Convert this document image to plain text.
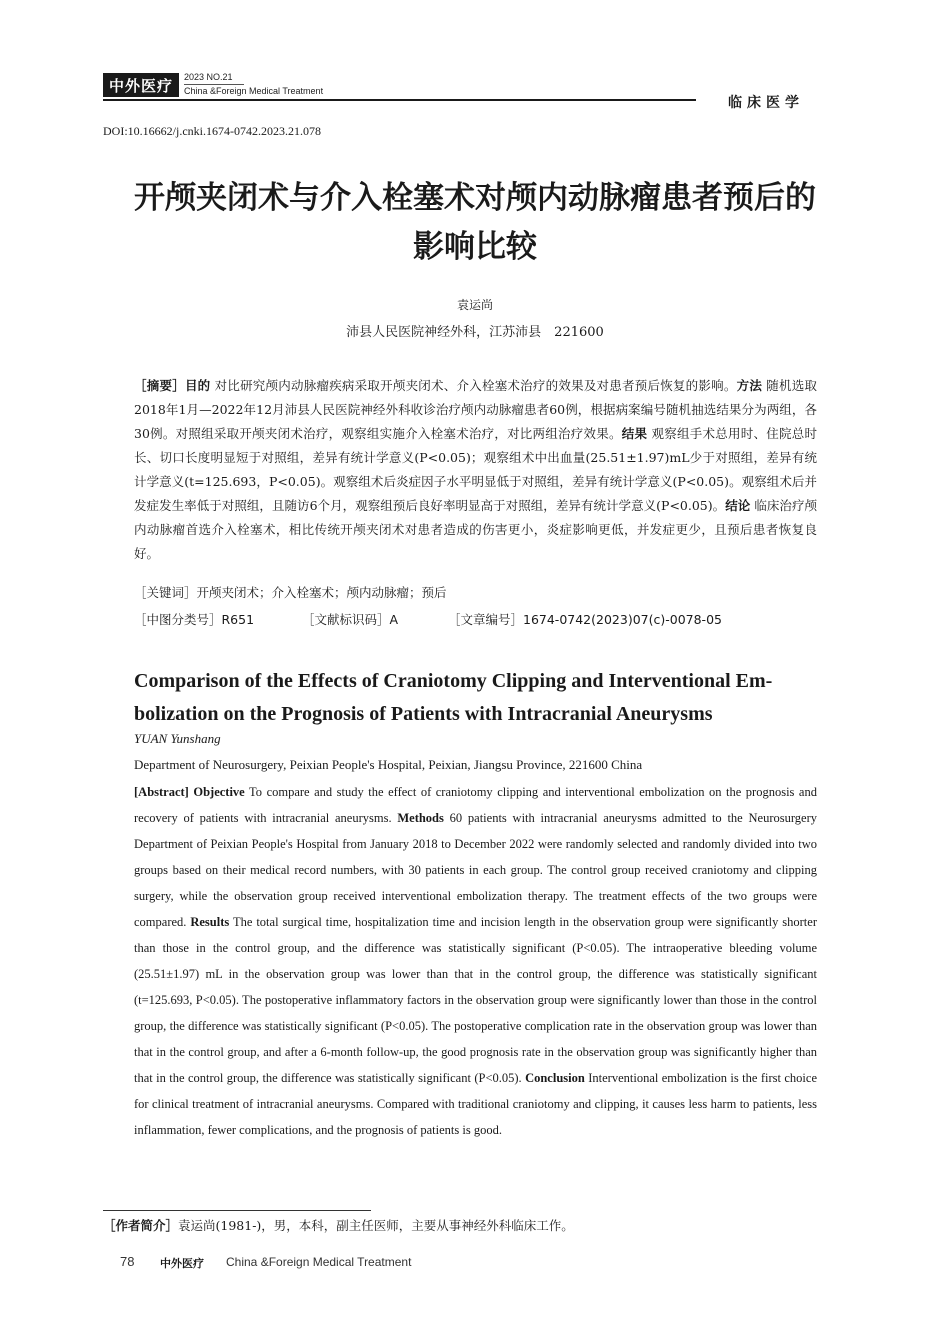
中外医疗	2023 NO.21
China &Foreign Medical Treatment
临床医学
DOI:10.16662/j.cnki.1674-0742.2023.21.078
开颅夹闭术与介入栓塞术对颅内动脉瘤患者预后的
影响比较
袁运尚
沛县人民医院神经外科，江苏沛县　221600
［摘要］目的 对比研究颅内动脉瘤疾病采取开颅夹闭术、介入栓塞术治疗的效果及对患者预后恢复的影响。方法 随机选取2018年1月—2022年12月沛县人民医院神经外科收诊治疗颅内动脉瘤患者60例，根据病案编号随机抽选结果分为两组，各30例。对照组采取开颅夹闭术治疗，观察组实施介入栓塞术治疗，对比两组治疗效果。结果 观察组手术总用时、住院总时长、切口长度明显短于对照组，差异有统计学意义(P<0.05)；观察组术中出血量(25.51±1.97)mL少于对照组，差异有统计学意义(t=125.693，P<0.05)。观察组术后炎症因子水平明显低于对照组，差异有统计学意义(P<0.05)。观察组术后并发症发生率低于对照组，且随访6个月，观察组预后良好率明显高于对照组，差异有统计学意义(P<0.05)。结论 临床治疗颅内动脉瘤首选介入栓塞术，相比传统开颅夹闭术对患者造成的伤害更小，炎症影响更低，并发症更少，且预后患者恢复良好。
［关键词］开颅夹闭术；介入栓塞术；颅内动脉瘤；预后
［中图分类号］R651	［文献标识码］A	［文章编号］1674-0742(2023)07(c)-0078-05
Comparison of the Effects of Craniotomy Clipping and Interventional Em-
bolization on the Prognosis of Patients with Intracranial Aneurysms
YUAN Yunshang
Department of Neurosurgery, Peixian People's Hospital, Peixian, Jiangsu Province, 221600 China
[Abstract] Objective To compare and study the effect of craniotomy clipping and interventional embolization on the prognosis and recovery of patients with intracranial aneurysms. Methods 60 patients with intracranial aneurysms admitted to the Neurosurgery Department of Peixian People's Hospital from January 2018 to December 2022 were randomly selected and randomly divided into two groups based on their medical record numbers, with 30 patients in each group. The control group received craniotomy and clipping surgery, while the observation group received interventional embolization therapy. The treatment effects of the two groups were compared. Results The total surgical time, hospitalization time and incision length in the observation group were significantly shorter than those in the control group, and the difference was statistically significant (P<0.05). The intraoperative bleeding volume (25.51±1.97) mL in the observation group was lower than that in the control group, the difference was statistically significant (t=125.693, P<0.05). The postoperative inflammatory factors in the observation group were significantly lower than those in the control group, the difference was statistically significant (P<0.05). The postoperative complication rate in the observation group was lower than that in the control group, and after a 6-month follow-up, the good prognosis rate in the observation group was significantly higher than that in the control group, the difference was statistically significant (P<0.05). Conclusion Interventional embolization is the first choice for clinical treatment of intracranial aneurysms. Compared with traditional craniotomy and clipping, it causes less harm to patients, less inflammation, fewer complications, and the prognosis of patients is good.
［作者简介］袁运尚(1981-)，男，本科，副主任医师，主要从事神经外科临床工作。
78 中外医疗 China &Foreign Medical Treatment
